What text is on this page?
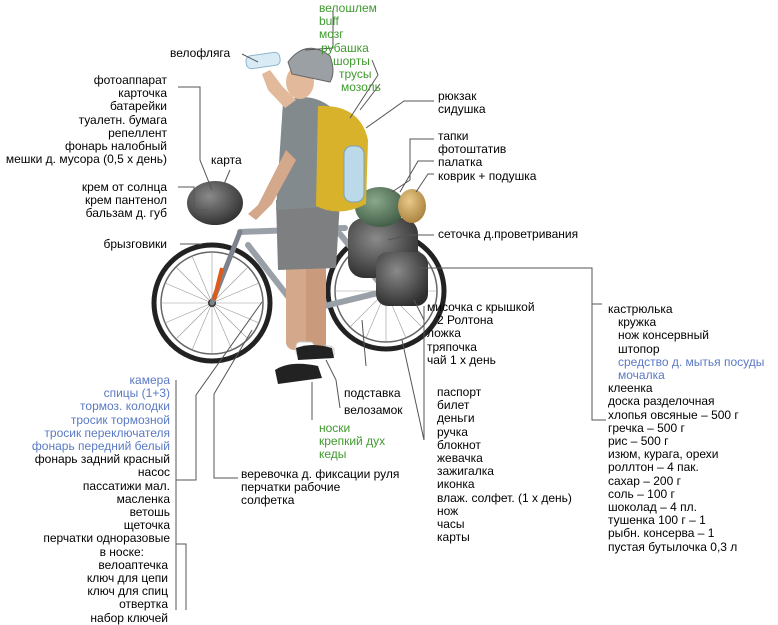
велошлем
buff
мозг
рубашка
шорты
трусы
мозоль
велофляга
фотоаппарат
карточка
батарейки
туалетн. бумага
репеллент
фонарь налобный
мешки д. мусора (0,5 х день)	карта
крем от солнца
крем пантенол
бальзам д. губ
брызговики
рюкзак
сидушка
тапки
фотоштатив
палатка
коврик + подушка
сеточка д.проветривания
мисочка с крышкой
2 Ролтона
ложка
тряпочка
чай 1 х день
кастрюлька
кружка
нож консервный
штопор
средство д. мытья посуды
мочалка
клеенка
доска разделочная
хлопья овсяные – 500 г
гречка – 500 г
рис – 500 г
изюм, курага, орехи
роллтон – 4 пак.
сахар – 200 г
соль – 100 г
шоколад – 4 пл.
тушенка 100 г – 1
рыбн. консерва – 1
пустая бутылочка 0,3 л
подставка
велозамок
носки
крепкий дух
кеды
паспорт
билет
деньги
ручка
блокнот
жевачка
зажигалка
иконка
влаж. солфет. (1 х день)
нож
часы
карты
веревочка д. фиксации руля
перчатки рабочие
солфетка
камера
спицы (1+3)
тормоз. колодки
тросик тормозной
тросик переключателя
фонарь передний белый
фонарь задний красный
насос
пассатижи мал.
масленка
ветошь
щеточка
перчатки одноразовые
в носке:
велоаптечка
ключ для цепи
ключ для спиц
отвертка
набор ключей
